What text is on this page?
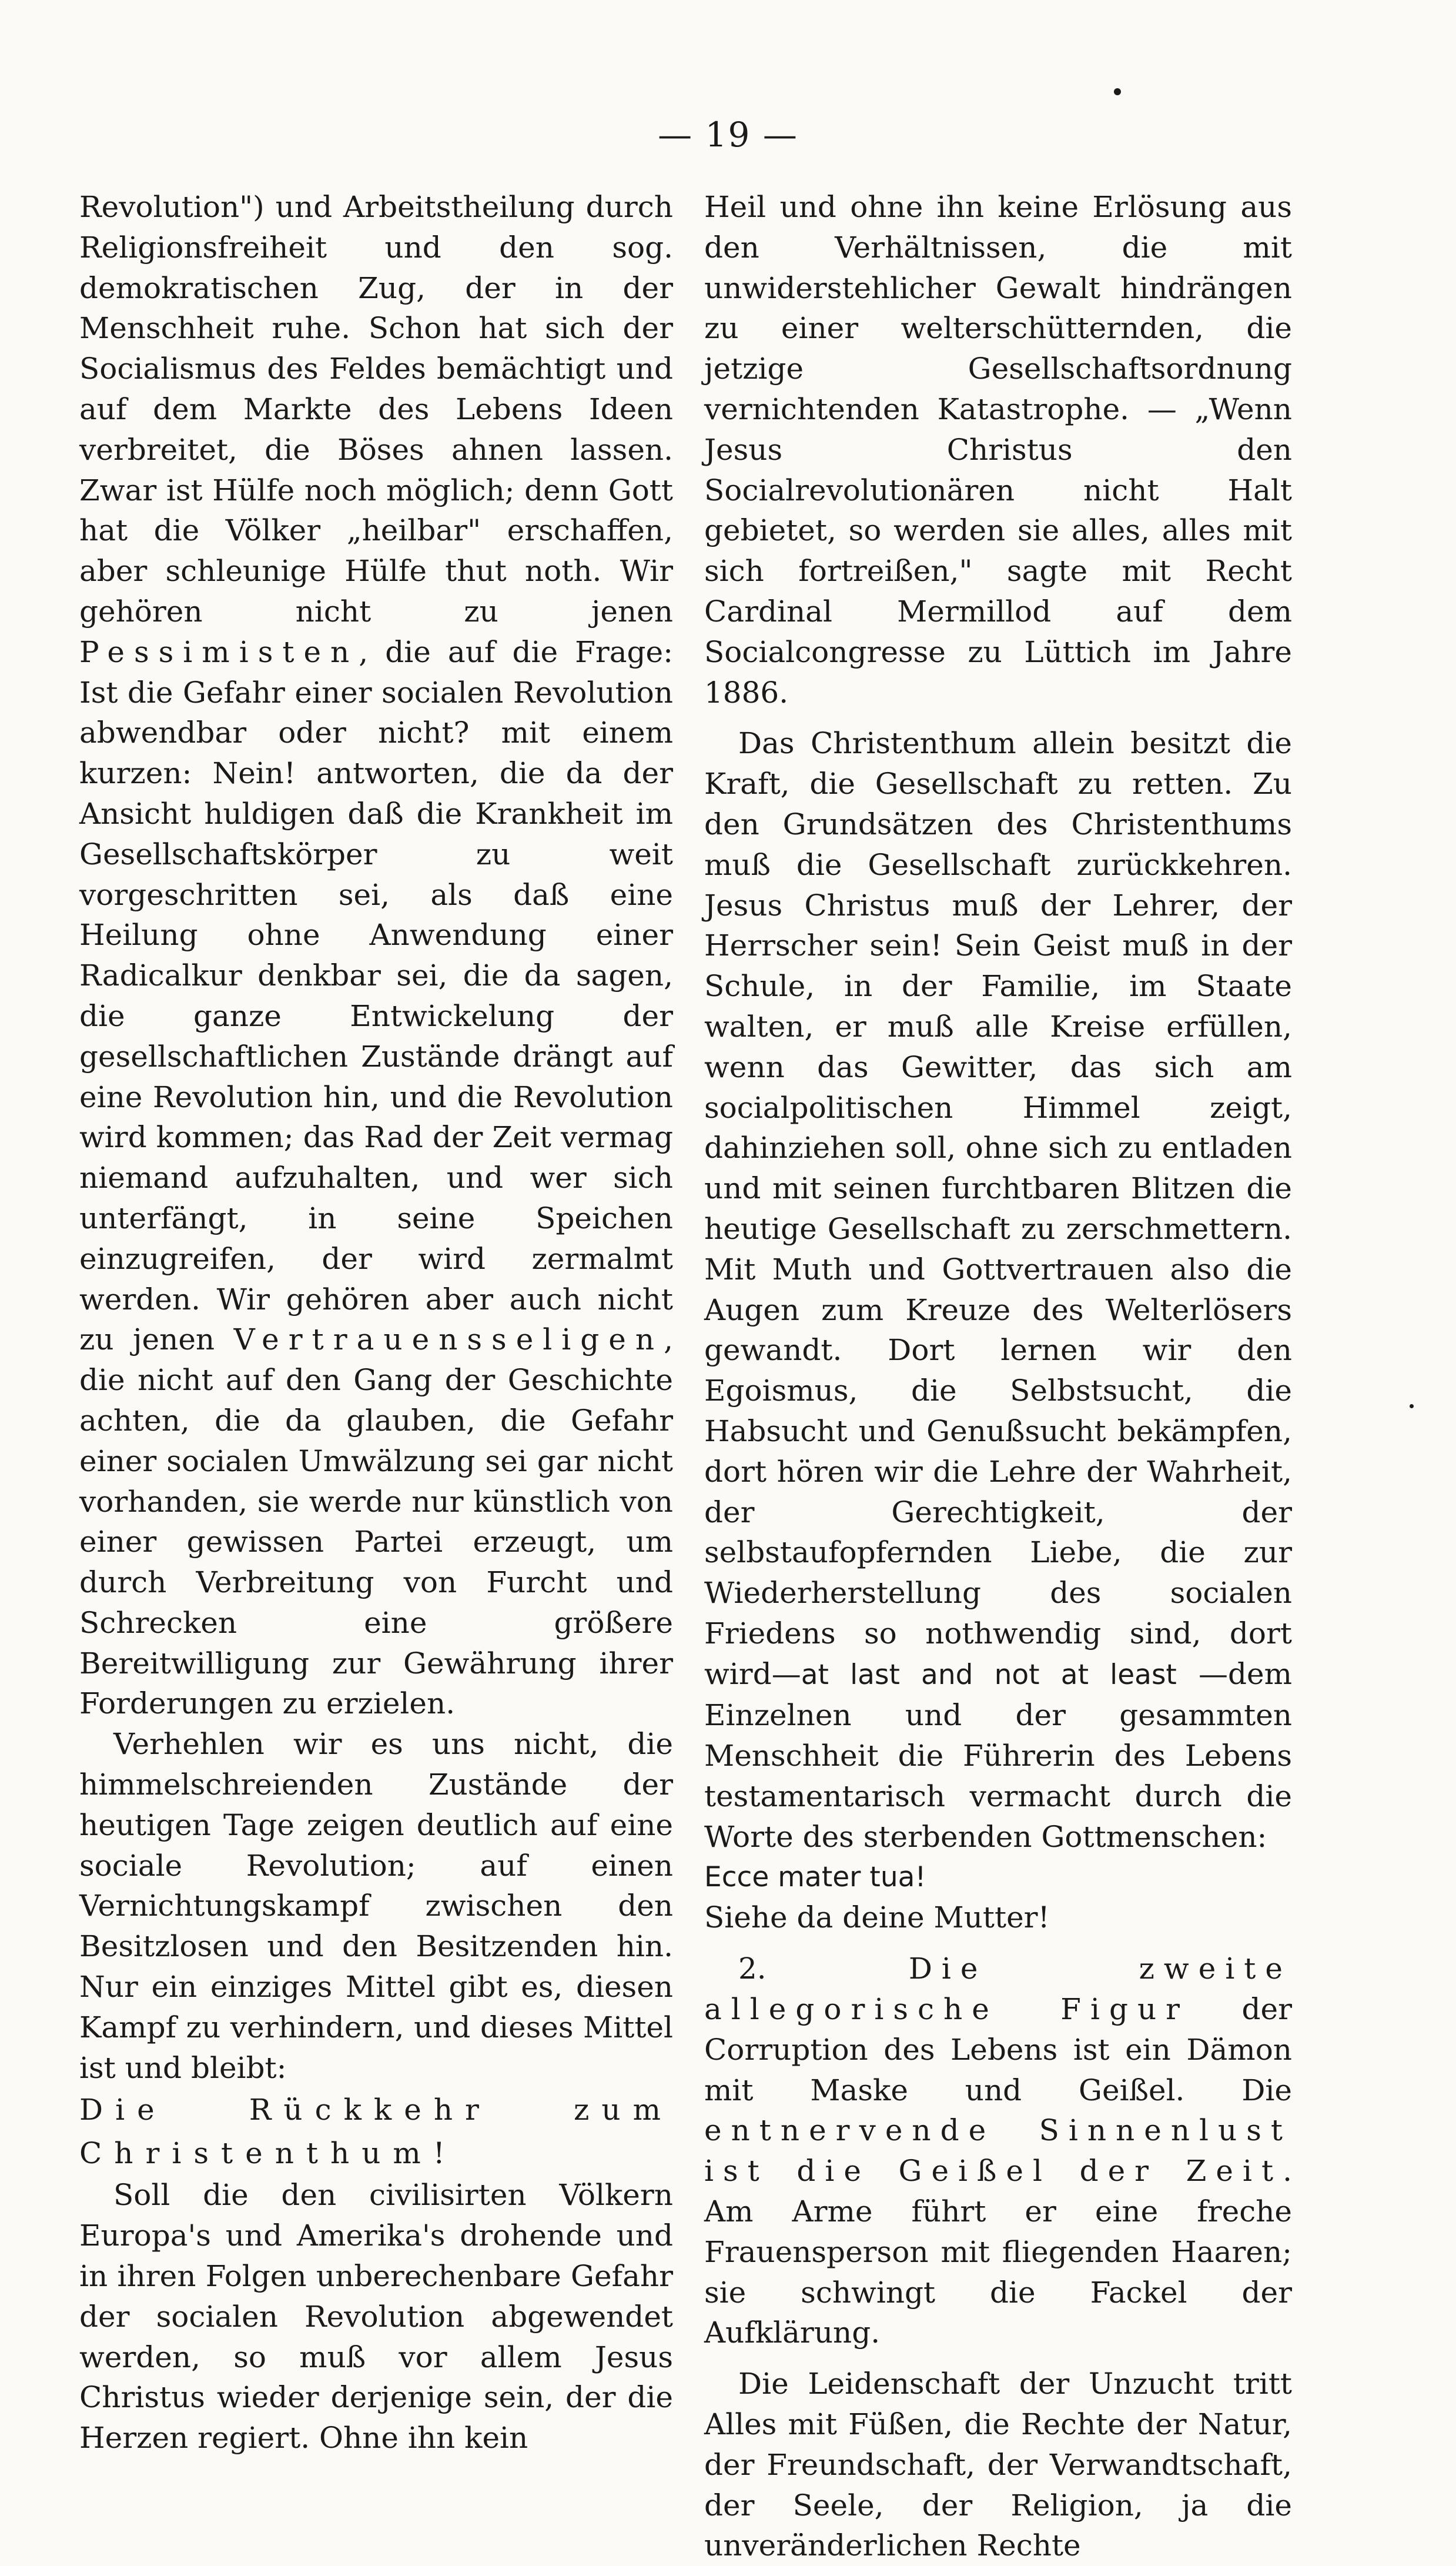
— 19 —

Revolution") und Arbeitstheilung durch Religionsfreiheit und den sog. demokratischen Zug, der in der Menschheit ruhe. Schon hat sich der Socialismus des Feldes bemächtigt und auf dem Markte des Lebens Ideen verbreitet, die Böses ahnen lassen. Zwar ist Hülfe noch möglich; denn Gott hat die Völker „heilbar" erschaffen, aber schleunige Hülfe thut noth. Wir gehören nicht zu jenen Pessimisten, die auf die Frage: Ist die Gefahr einer socialen Revolution abwendbar oder nicht? mit einem kurzen: Nein! antworten, die da der Ansicht huldigen daß die Krankheit im Gesellschaftskörper zu weit vorgeschritten sei, als daß eine Heilung ohne Anwendung einer Radicalkur denkbar sei, die da sagen, die ganze Entwickelung der gesellschaftlichen Zustände drängt auf eine Revolution hin, und die Revolution wird kommen; das Rad der Zeit vermag niemand aufzuhalten, und wer sich unterfängt, in seine Speichen einzugreifen, der wird zermalmt werden. Wir gehören aber auch nicht zu jenen Vertrauensseligen, die nicht auf den Gang der Geschichte achten, die da glauben, die Gefahr einer socialen Umwälzung sei gar nicht vorhanden, sie werde nur künstlich von einer gewissen Partei erzeugt, um durch Verbreitung von Furcht und Schrecken eine größere Bereitwilligung zur Gewährung ihrer Forderungen zu erzielen.

Verhehlen wir es uns nicht, die himmelschreienden Zustände der heutigen Tage zeigen deutlich auf eine sociale Revolution; auf einen Vernichtungskampf zwischen den Besitzlosen und den Besitzenden hin. Nur ein einziges Mittel gibt es, diesen Kampf zu verhindern, und dieses Mittel ist und bleibt:

Die Rückkehr zum Christenthum!

Soll die den civilisirten Völkern Europa's und Amerika's drohende und in ihren Folgen unberechenbare Gefahr der socialen Revolution abgewendet werden, so muß vor allem Jesus Christus wieder derjenige sein, der die Herzen regiert. Ohne ihn kein

Heil und ohne ihn keine Erlösung aus den Verhältnissen, die mit unwiderstehlicher Gewalt hindrängen zu einer welterschütternden, die jetzige Gesellschaftsordnung vernichtenden Katastrophe. — „Wenn Jesus Christus den Socialrevolutionären nicht Halt gebietet, so werden sie alles, alles mit sich fortreißen," sagte mit Recht Cardinal Mermillod auf dem Socialcongresse zu Lüttich im Jahre 1886.

Das Christenthum allein besitzt die Kraft, die Gesellschaft zu retten. Zu den Grundsätzen des Christenthums muß die Gesellschaft zurückkehren. Jesus Christus muß der Lehrer, der Herrscher sein! Sein Geist muß in der Schule, in der Familie, im Staate walten, er muß alle Kreise erfüllen, wenn das Gewitter, das sich am socialpolitischen Himmel zeigt, dahinziehen soll, ohne sich zu entladen und mit seinen furchtbaren Blitzen die heutige Gesellschaft zu zerschmettern. Mit Muth und Gottvertrauen also die Augen zum Kreuze des Welterlösers gewandt. Dort lernen wir den Egoismus, die Selbstsucht, die Habsucht und Genußsucht bekämpfen, dort hören wir die Lehre der Wahrheit, der Gerechtigkeit, der selbstaufopfernden Liebe, die zur Wiederherstellung des socialen Friedens so nothwendig sind, dort wird—at last and not at least —dem Einzelnen und der gesammten Menschheit die Führerin des Lebens testamentarisch vermacht durch die Worte des sterbenden Gottmenschen:

Ecce mater tua!

Siehe da deine Mutter!

2. Die zweite allegorische Figur der Corruption des Lebens ist ein Dämon mit Maske und Geißel. Die entnervende Sinnenlust ist die Geißel der Zeit. Am Arme führt er eine freche Frauensperson mit fliegenden Haaren; sie schwingt die Fackel der Aufklärung.

Die Leidenschaft der Unzucht tritt Alles mit Füßen, die Rechte der Natur, der Freundschaft, der Verwandtschaft, der Seele, der Religion, ja die unveränderlichen Rechte
